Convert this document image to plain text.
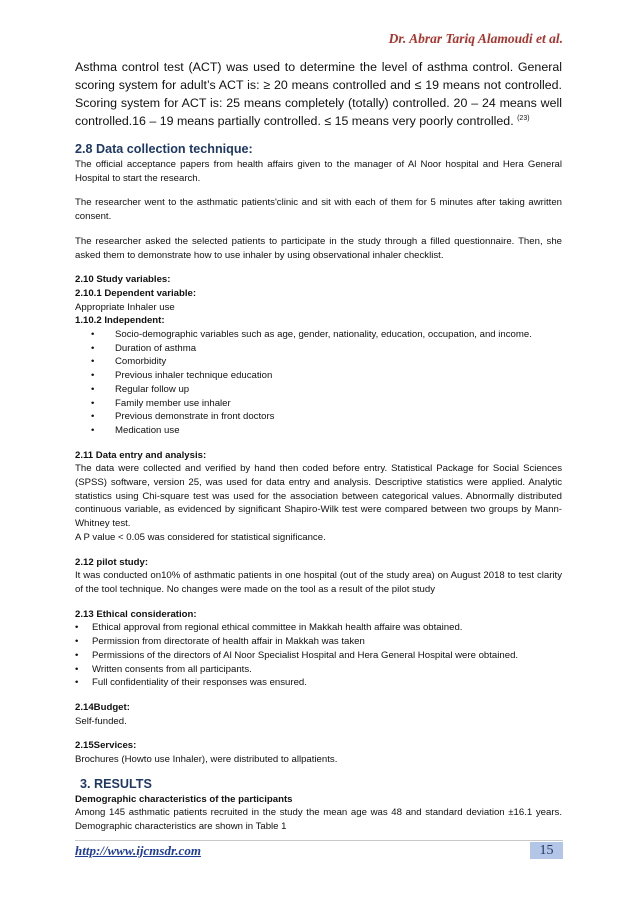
Dr. Abrar Tariq Alamoudi et al.

Asthma control test (ACT) was used to determine the level of asthma control. General scoring system for adult’s ACT is: ≥ 20 means controlled and ≤ 19 means not controlled. Scoring system for ACT is: 25 means completely (totally) controlled. 20 – 24 means well controlled.16 – 19 means partially controlled. ≤ 15 means very poorly controlled. $^{(23)}$

2.8 Data collection technique:

The official acceptance papers from health affairs given to the manager of Al Noor hospital and Hera General Hospital to start the research.

The researcher went to the asthmatic patients'clinic and sit with each of them for 5 minutes after taking awritten consent.

The researcher asked the selected patients to participate in the study through a filled questionnaire. Then, she asked them to demonstrate how to use inhaler by using observational inhaler checklist.

2.10 Study variables:

2.10.1 Dependent variable:

Appropriate Inhaler use

1.10.2 Independent:

• Socio-demographic variables such as age, gender, nationality, education, occupation, and income.
• Duration of asthma
• Comorbidity
• Previous inhaler technique education
• Regular follow up
• Family member use inhaler
• Previous demonstrate in front doctors
• Medication use

2.11 Data entry and analysis:

The data were collected and verified by hand then coded before entry. Statistical Package for Social Sciences (SPSS) software, version 25, was used for data entry and analysis. Descriptive statistics were applied. Analytic statistics using Chi-square test was used for the association between categorical values. Abnormally distributed continuous variable, as evidenced by significant Shapiro-Wilk test were compared between two groups by Mann-Whitney test.

A P value < 0.05 was considered for statistical significance.

2.12 pilot study:

It was conducted on10% of asthmatic patients in one hospital (out of the study area) on August 2018 to test clarity of the tool technique. No changes were made on the tool as a result of the pilot study

2.13 Ethical consideration:

• Ethical approval from regional ethical committee in Makkah health affaire was obtained.
• Permission from directorate of health affair in Makkah was taken
• Permissions of the directors of Al Noor Specialist Hospital and Hera General Hospital were obtained.
• Written consents from all participants.
• Full confidentiality of their responses was ensured.

2.14Budget:

Self-funded.

2.15Services:

Brochures (Howto use Inhaler), were distributed to allpatients.

3. RESULTS

Demographic characteristics of the participants

Among 145 asthmatic patients recruited in the study the mean age was 48 and standard deviation ±16.1 years. Demographic characteristics are shown in Table 1

http://www.ijcmsdr.com	15
